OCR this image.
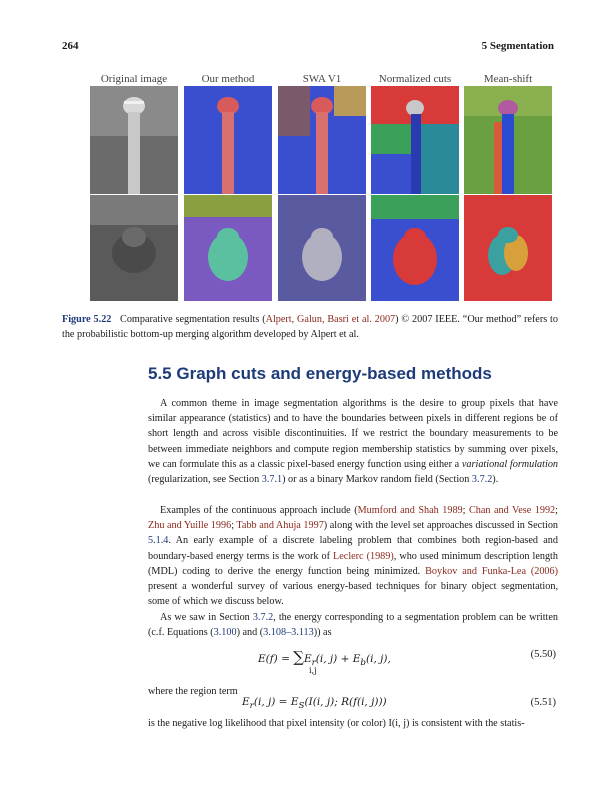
264	5 Segmentation
Original image	Our method	SWA V1	Normalized cuts	Mean-shift
Figure 5.22 Comparative segmentation results (Alpert, Galun, Basri et al. 2007) © 2007 IEEE. “Our method” refers to the probabilistic bottom-up merging algorithm developed by Alpert et al.
5.5 Graph cuts and energy-based methods
A common theme in image segmentation algorithms is the desire to group pixels that have similar appearance (statistics) and to have the boundaries between pixels in different regions be of short length and across visible discontinuities. If we restrict the boundary measurements to be between immediate neighbors and compute region membership statistics by summing over pixels, we can formulate this as a classic pixel-based energy function using either a variational formulation (regularization, see Section 3.7.1) or as a binary Markov random field (Section 3.7.2).
Examples of the continuous approach include (Mumford and Shah 1989; Chan and Vese 1992; Zhu and Yuille 1996; Tabb and Ahuja 1997) along with the level set approaches discussed in Section 5.1.4. An early example of a discrete labeling problem that combines both region-based and boundary-based energy terms is the work of Leclerc (1989), who used minimum description length (MDL) coding to derive the energy function being minimized. Boykov and Funka-Lea (2006) present a wonderful survey of various energy-based techniques for binary object segmentation, some of which we discuss below.
As we saw in Section 3.7.2, the energy corresponding to a segmentation problem can be written (c.f. Equations (3.100) and (3.108–3.113)) as
$E(f) = \sum E_r(i$, $j) + E_b(i$, j),
i,j
(5.50)
where the region term
$E_r(i$, $j) = E_S(I(i$, j); R(f(i, j)))	(5.51)
is the negative log likelihood that pixel intensity (or color) I(i, j) is consistent with the statis-
